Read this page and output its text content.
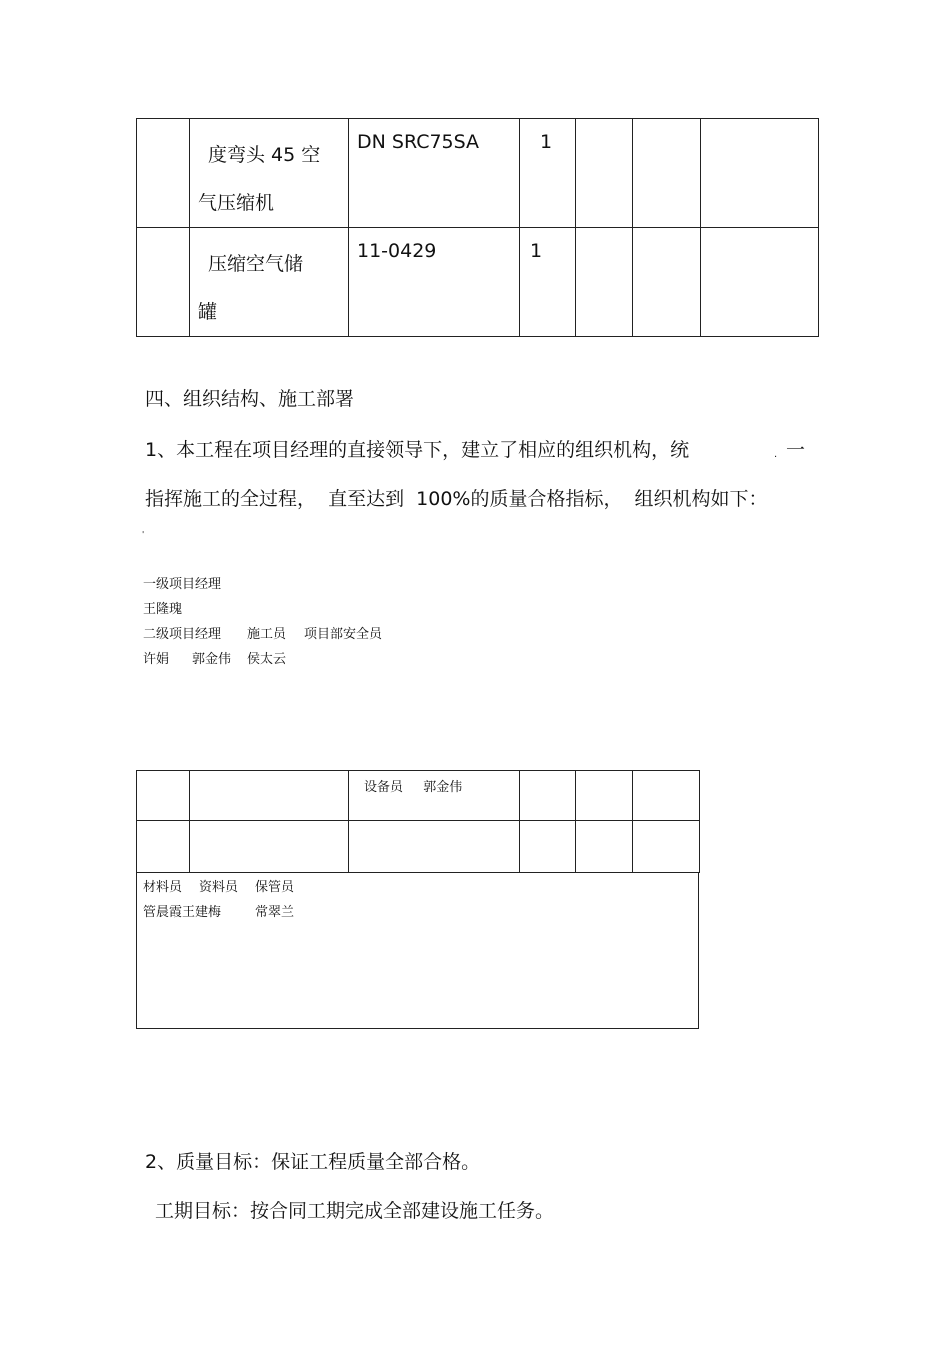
	度弯头 45 空
气压缩机	DN SRC75SA	1			

	压缩空气储
罐	11-0429	1			

四、组织结构、施工部署
1、本工程在项目经理的直接领导下，建立了相应的组织机构，统	. 一
指挥施工的全过程，  直至达到  100%的质量合格指标，  组织机构如下：
'
一级项目经理
王隆瑰
二级项目经理 施工员 项目部安全员
许娟 郭金伟 侯太云

		设备员 郭金伟			

材料员 资料员 保管员
管晨霞王建梅	常翠兰
2、质量目标：保证工程质量全部合格。
工期目标：按合同工期完成全部建设施工任务。
